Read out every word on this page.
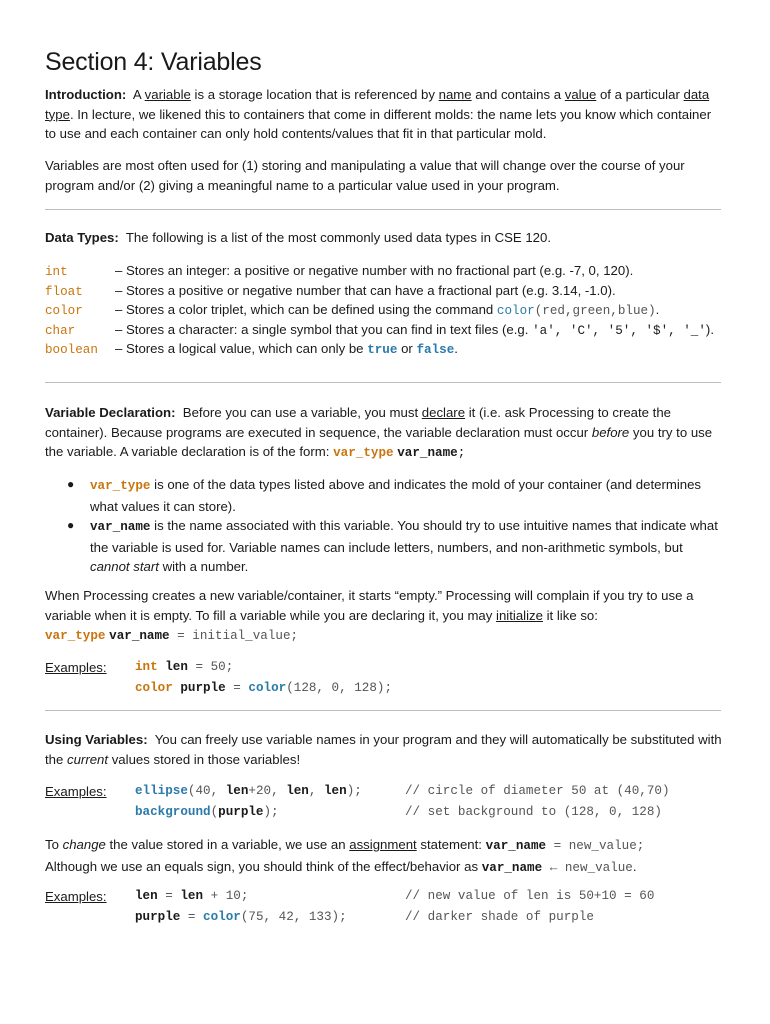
Section 4: Variables
Introduction: A variable is a storage location that is referenced by name and contains a value of a particular data type. In lecture, we likened this to containers that come in different molds: the name lets you know which container to use and each container can only hold contents/values that fit in that particular mold.
Variables are most often used for (1) storing and manipulating a value that will change over the course of your program and/or (2) giving a meaningful name to a particular value used in your program.
Data Types: The following is a list of the most commonly used data types in CSE 120.
int	– Stores an integer: a positive or negative number with no fractional part (e.g. -7, 0, 120).
float – Stores a positive or negative number that can have a fractional part (e.g. 3.14, -1.0).
color – Stores a color triplet, which can be defined using the command color(red,green,blue).
char	– Stores a character: a single symbol that you can find in text files (e.g. 'a', 'C', '5', '$', '_').
boolean – Stores a logical value, which can only be true or false.
Variable Declaration: Before you can use a variable, you must declare it (i.e. ask Processing to create the container). Because programs are executed in sequence, the variable declaration must occur before you try to use the variable. A variable declaration is of the form: var_type var_name;
● var_type is one of the data types listed above and indicates the mold of your container (and determines what values it can store).
● var_name is the name associated with this variable. You should try to use intuitive names that indicate what the variable is used for. Variable names can include letters, numbers, and non-arithmetic symbols, but cannot start with a number.
When Processing creates a new variable/container, it starts “empty.” Processing will complain if you try to use a variable when it is empty. To fill a variable while you are declaring it, you may initialize it like so:
var_type var_name = initial_value;
Examples: int len = 50;
color purple = color(128, 0, 128);
Using Variables: You can freely use variable names in your program and they will automatically be substituted with the current values stored in those variables!
Examples: ellipse(40, len+20, len, len);	// circle of diameter 50 at (40,70)
background(purple);	// set background to (128, 0, 128)
To change the value stored in a variable, we use an assignment statement: var_name = new_value;
Although we use an equals sign, you should think of the effect/behavior as var_name ← new_value.
Examples: len = len + 10;	// new value of len is 50+10 = 60
purple = color(75, 42, 133);	// darker shade of purple
